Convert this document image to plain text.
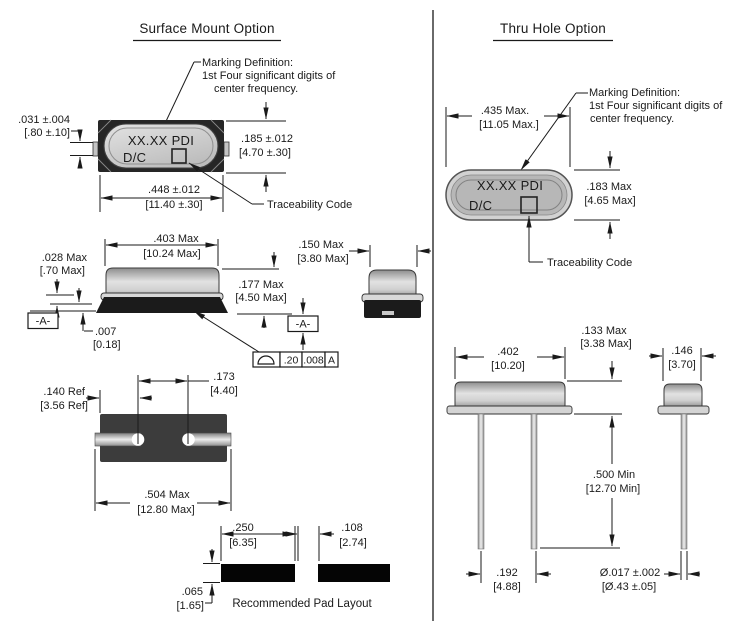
Surface Mount Option
Marking Definition:
1st Four significant digits of
center frequency.
XX.XX PDI
D/C
.031 ±.004
[.80 ±.10]	.185 ±.012
[4.70 ±.30]
.448 ±.012
[11.40 ±.30]	Traceability Code
.403 Max
[10.24 Max]
.028 Max
[.70 Max]
.007
[0.18]
-A-
.177 Max
[4.50 Max]
-A-
.20 .008 A
.150 Max
[3.80 Max]
.173
[4.40]
.140 Ref
[3.56 Ref]
.504 Max
[12.80 Max]
.250
[6.35]
.108
[2.74]
.065
[1.65] Recommended Pad Layout
Thru Hole Option
Marking Definition:
1st Four significant digits of
center frequency.
.435 Max.
[11.05 Max.]
XX.XX PDI
D/C
.183 Max
[4.65 Max]
Traceability Code
.402
[10.20]
.133 Max
[3.38 Max]
.500 Min
[12.70 Min]
.192
[4.88]
.146
[3.70]
Ø.017 ±.002
[Ø.43 ±.05]
